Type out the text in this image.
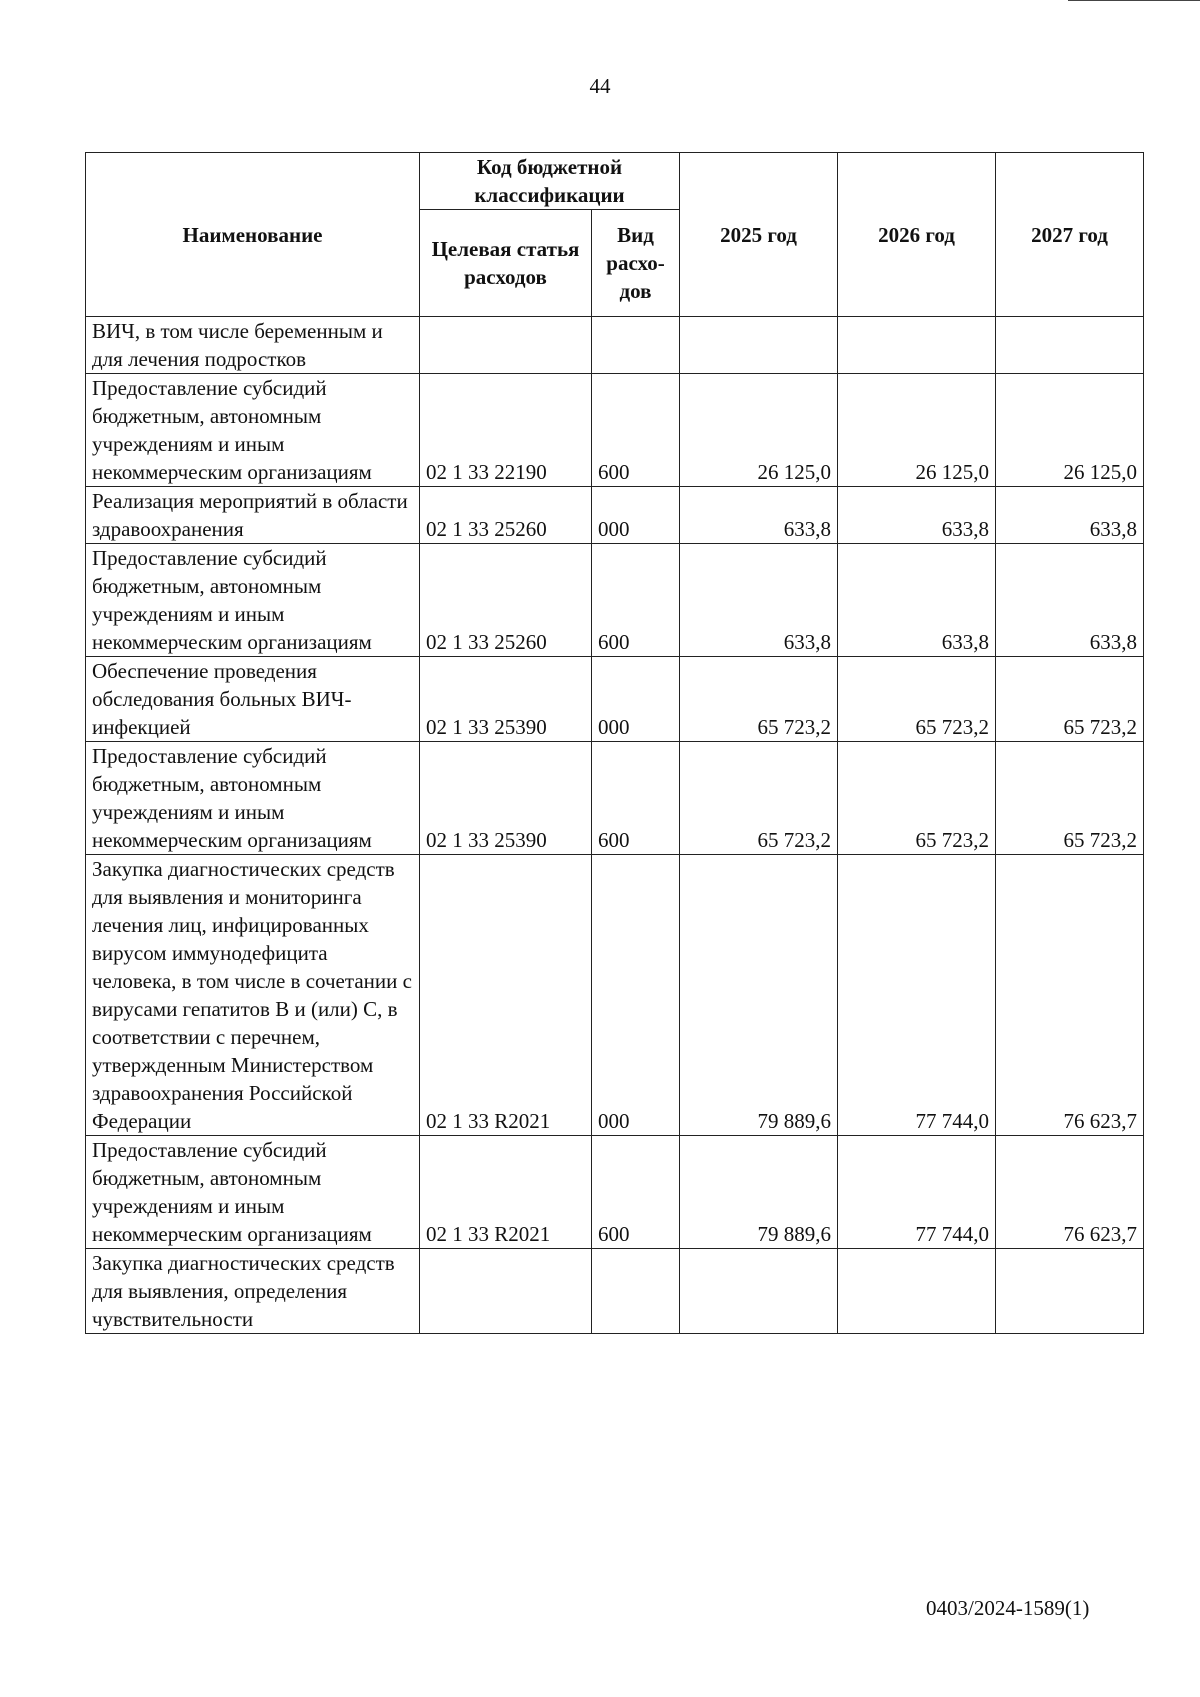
44
Наименование	Код бюджетной классификации		2025 год	2026 год	2027 год
	Целевая статья расходов	Вид расхо-дов			
ВИЧ, в том числе беременным и для лечения подростков					
Предоставление субсидий бюджетным, автономным учреждениям и иным некоммерческим организациям	02 1 33 22190	600	26 125,0	26 125,0	26 125,0
Реализация мероприятий в области здравоохранения	02 1 33 25260	000	633,8	633,8	633,8
Предоставление субсидий бюджетным, автономным учреждениям и иным некоммерческим организациям	02 1 33 25260	600	633,8	633,8	633,8
Обеспечение проведения обследования больных ВИЧ-инфекцией	02 1 33 25390	000	65 723,2	65 723,2	65 723,2
Предоставление субсидий бюджетным, автономным учреждениям и иным некоммерческим организациям	02 1 33 25390	600	65 723,2	65 723,2	65 723,2
Закупка диагностических средств для выявления и мониторинга лечения лиц, инфицированных вирусом иммунодефицита человека, в том числе в сочетании с вирусами гепатитов B и (или) C, в соответствии с перечнем, утвержденным Министерством здравоохранения Российской Федерации	02 1 33 R2021	000	79 889,6	77 744,0	76 623,7
Предоставление субсидий бюджетным, автономным учреждениям и иным некоммерческим организациям	02 1 33 R2021	600	79 889,6	77 744,0	76 623,7
Закупка диагностических средств для выявления, определения чувствительности					
0403/2024-1589(1)
